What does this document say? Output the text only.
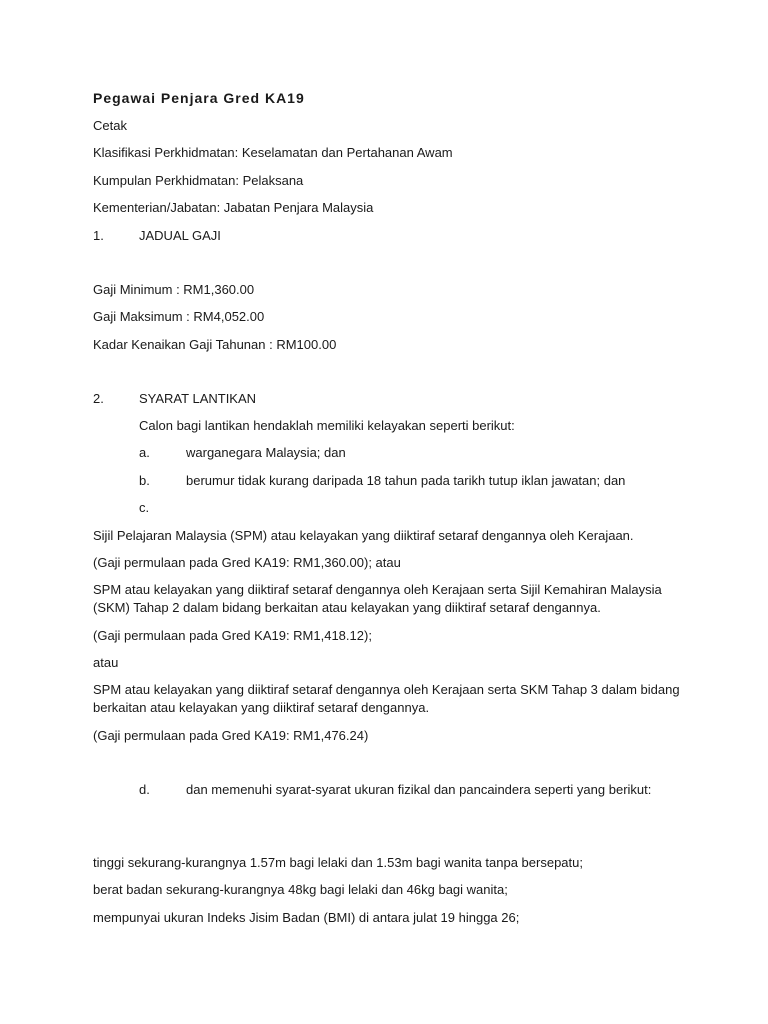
Pegawai Penjara Gred KA19
Cetak
Klasifikasi Perkhidmatan: Keselamatan dan Pertahanan Awam
Kumpulan Perkhidmatan: Pelaksana
Kementerian/Jabatan: Jabatan Penjara Malaysia
1.	JADUAL GAJI
Gaji Minimum : RM1,360.00
Gaji Maksimum : RM4,052.00
Kadar Kenaikan Gaji Tahunan : RM100.00
2.	SYARAT LANTIKAN
Calon bagi lantikan hendaklah memiliki kelayakan seperti berikut:
a.	warganegara Malaysia; dan
b.	berumur tidak kurang daripada 18 tahun pada tarikh tutup iklan jawatan; dan
c.
Sijil Pelajaran Malaysia (SPM) atau kelayakan yang diiktiraf setaraf dengannya oleh Kerajaan.
(Gaji permulaan pada Gred KA19: RM1,360.00); atau
SPM atau kelayakan yang diiktiraf setaraf dengannya oleh Kerajaan serta Sijil Kemahiran Malaysia (SKM) Tahap 2 dalam bidang berkaitan atau kelayakan yang diiktiraf setaraf dengannya.
(Gaji permulaan pada Gred KA19: RM1,418.12);
atau
SPM atau kelayakan yang diiktiraf setaraf dengannya oleh Kerajaan serta SKM Tahap 3 dalam bidang berkaitan atau kelayakan yang diiktiraf setaraf dengannya.
(Gaji permulaan pada Gred KA19: RM1,476.24)
d.	dan memenuhi syarat-syarat ukuran fizikal dan pancaindera seperti yang berikut:
tinggi sekurang-kurangnya 1.57m bagi lelaki dan 1.53m bagi wanita tanpa bersepatu;
berat badan sekurang-kurangnya 48kg bagi lelaki dan 46kg bagi wanita;
mempunyai ukuran Indeks Jisim Badan (BMI) di antara julat 19 hingga 26;
